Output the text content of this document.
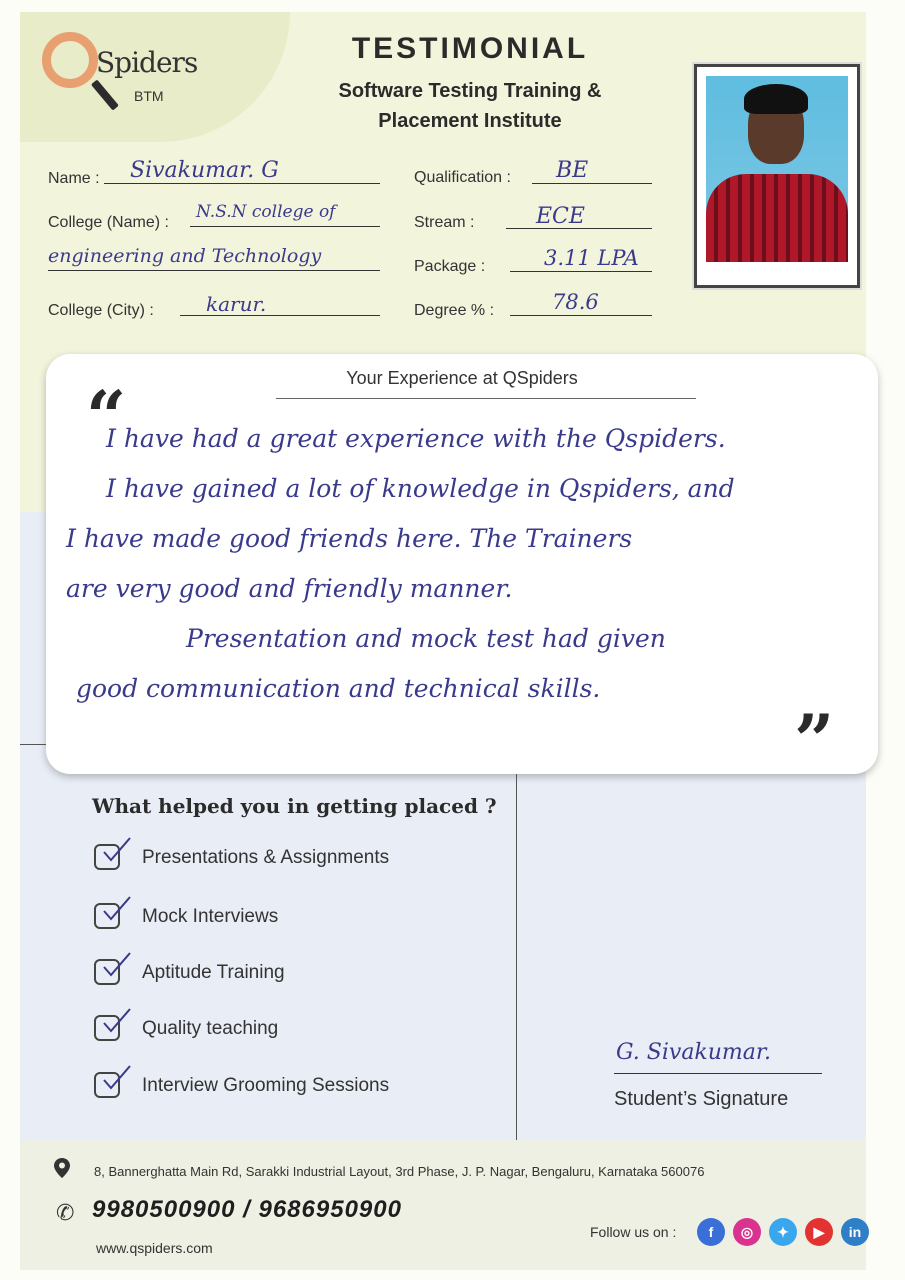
Spiders
BTM
TESTIMONIAL
Software Testing Training &
Placement Institute
Name : Sivakumar. G
College (Name) :
N.S.N college of
engineering and Technology
College (City) :	karur.
Qualification : BE
Stream :	ECE
Package :	3.11 LPA
Degree % :	78.6
Your Experience at QSpiders
“
”
I have had a great experience with the Qspiders.
I have gained a lot of knowledge in Qspiders, and
I have made good friends here. The Trainers
are very good and friendly manner.
Presentation and mock test had given
good communication and technical skills.
What helped you in getting placed ?
Presentations & Assignments
Mock Interviews
Aptitude Training
Quality teaching
Interview Grooming Sessions
G. Sivakumar.
Student’s Signature
8, Bannerghatta Main Rd, Sarakki Industrial Layout, 3rd Phase, J. P. Nagar, Bengaluru, Karnataka 560076
✆ 9980500900 / 9686950900
www.qspiders.com
Follow us on :	f	◎	✦	▶	in
